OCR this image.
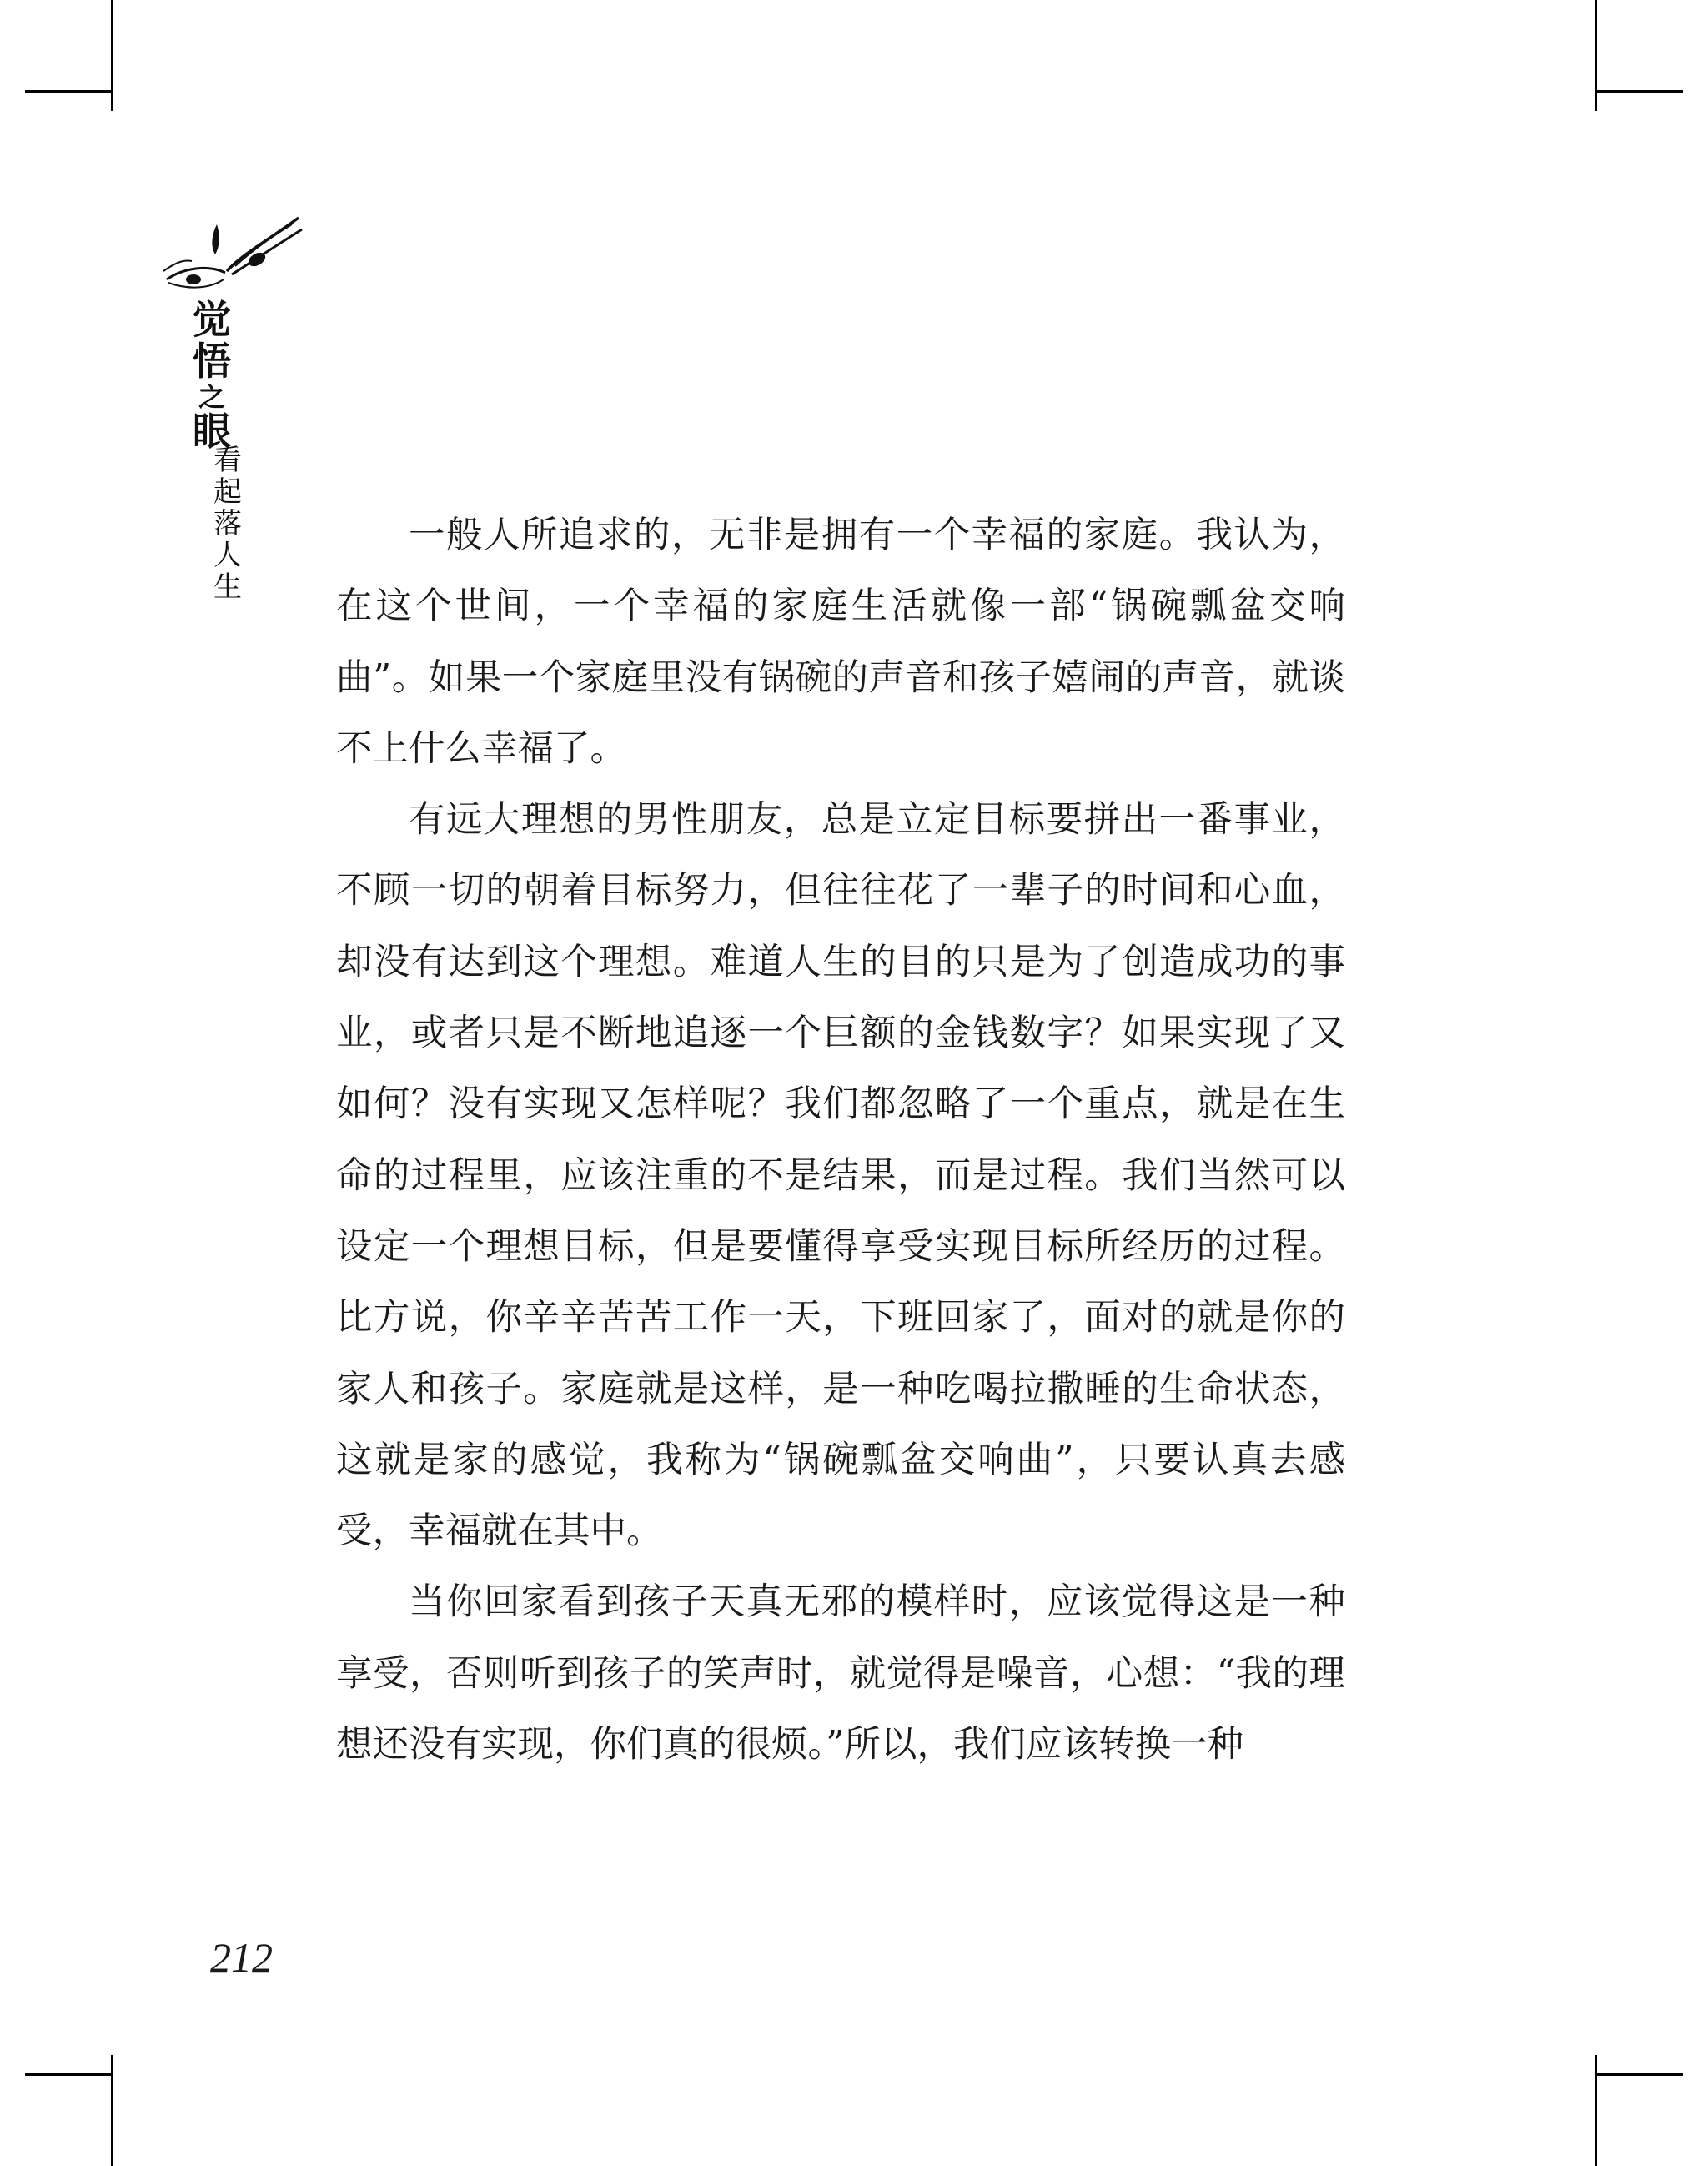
觉
悟
之
眼
看
起
落
人
生

一般人所追求的，无非是拥有一个幸福的家庭。我认为，在这个世间，一个幸福的家庭生活就像一部“锅碗瓢盆交响曲”。如果一个家庭里没有锅碗的声音和孩子嬉闹的声音，就谈不上什么幸福了。

有远大理想的男性朋友，总是立定目标要拼出一番事业，不顾一切的朝着目标努力，但往往花了一辈子的时间和心血，却没有达到这个理想。难道人生的目的只是为了创造成功的事业，或者只是不断地追逐一个巨额的金钱数字？如果实现了又如何？没有实现又怎样呢？我们都忽略了一个重点，就是在生命的过程里，应该注重的不是结果，而是过程。我们当然可以设定一个理想目标，但是要懂得享受实现目标所经历的过程。比方说，你辛辛苦苦工作一天，下班回家了，面对的就是你的家人和孩子。家庭就是这样，是一种吃喝拉撒睡的生命状态，这就是家的感觉，我称为“锅碗瓢盆交响曲”，只要认真去感受，幸福就在其中。

当你回家看到孩子天真无邪的模样时，应该觉得这是一种享受，否则听到孩子的笑声时，就觉得是噪音，心想：“我的理想还没有实现，你们真的很烦。”所以，我们应该转换一种

212
